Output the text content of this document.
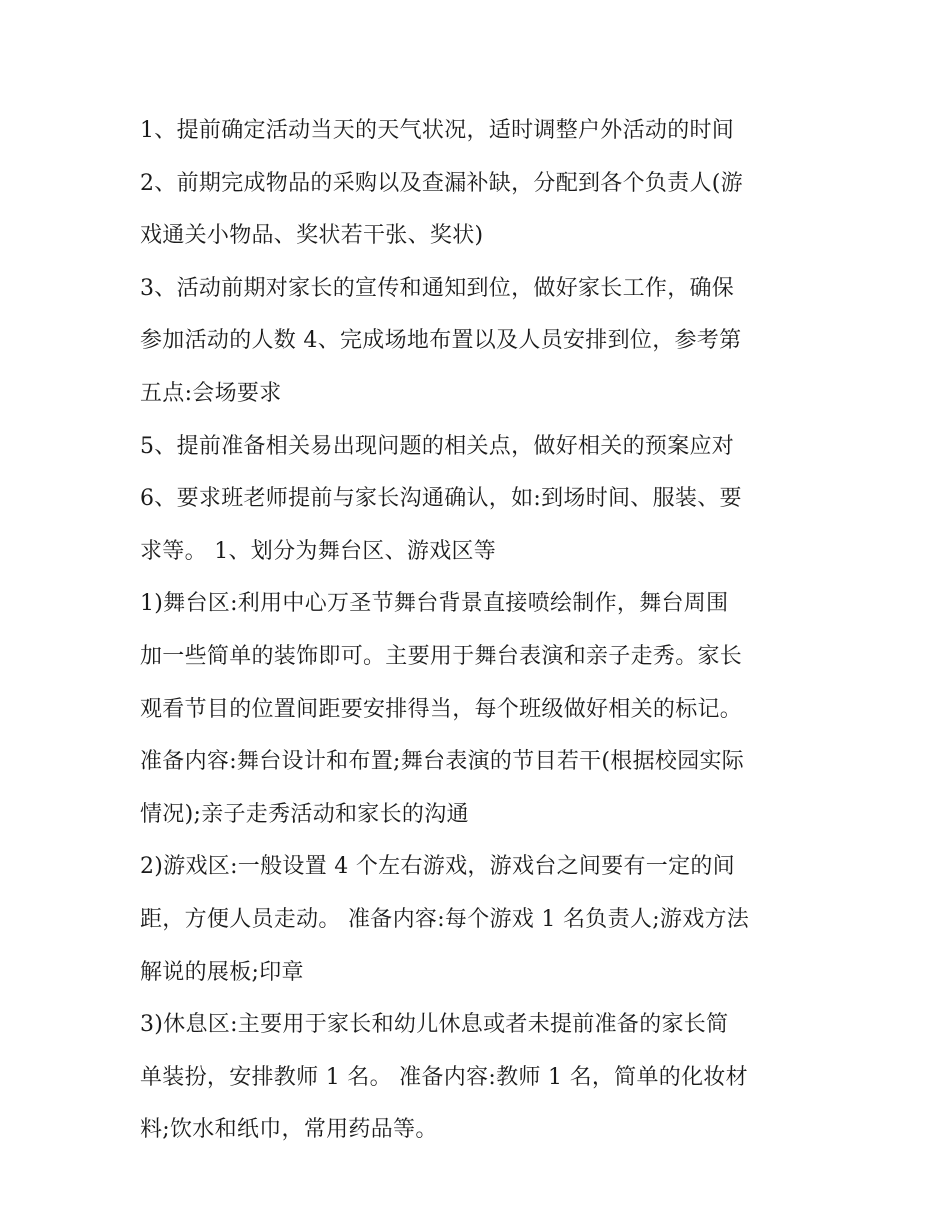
1、提前确定活动当天的天气状况，适时调整户外活动的时间
2、前期完成物品的采购以及查漏补缺，分配到各个负责人(游
戏通关小物品、奖状若干张、奖状)
3、活动前期对家长的宣传和通知到位，做好家长工作，确保
参加活动的人数 4、完成场地布置以及人员安排到位，参考第
五点:会场要求
5、提前准备相关易出现问题的相关点，做好相关的预案应对
6、要求班老师提前与家长沟通确认，如:到场时间、服装、要
求等。 1、划分为舞台区、游戏区等
1)舞台区:利用中心万圣节舞台背景直接喷绘制作，舞台周围
加一些简单的装饰即可。主要用于舞台表演和亲子走秀。家长
观看节目的位置间距要安排得当，每个班级做好相关的标记。
准备内容:舞台设计和布置;舞台表演的节目若干(根据校园实际
情况);亲子走秀活动和家长的沟通
2)游戏区:一般设置 4 个左右游戏，游戏台之间要有一定的间
距，方便人员走动。 准备内容:每个游戏 1 名负责人;游戏方法
解说的展板;印章
3)休息区:主要用于家长和幼儿休息或者未提前准备的家长简
单装扮，安排教师 1 名。 准备内容:教师 1 名，简单的化妆材
料;饮水和纸巾，常用药品等。
